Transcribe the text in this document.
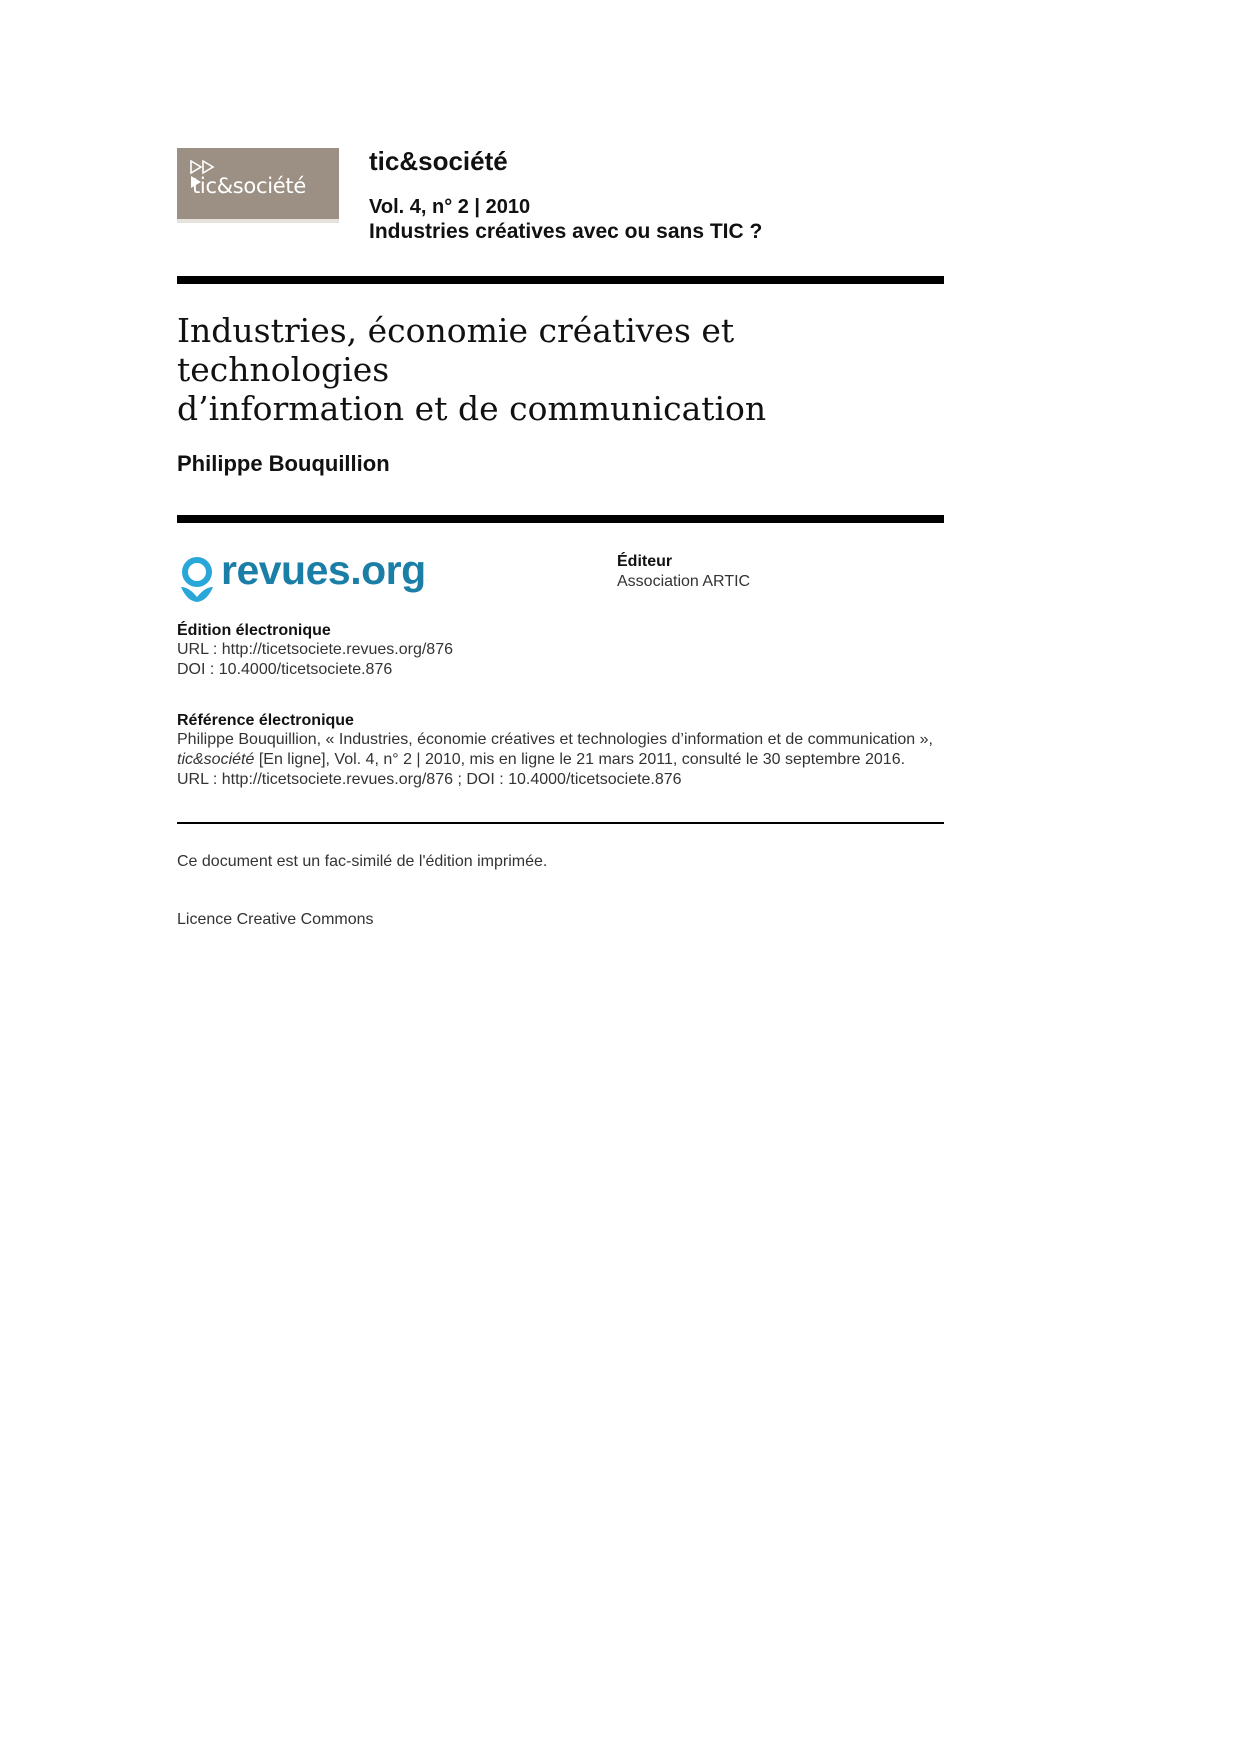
tic&société
tic&société
Vol. 4, n° 2 | 2010
Industries créatives avec ou sans TIC ?
Industries, économie créatives et technologies
d’information et de communication
Philippe Bouquillion
revues.org	Éditeur
Association ARTIC
Édition électronique
URL : http://ticetsociete.revues.org/876
DOI : 10.4000/ticetsociete.876
Référence électronique
Philippe Bouquillion, « Industries, économie créatives et technologies d’information et de communication », tic&société [En ligne], Vol. 4, n° 2 | 2010, mis en ligne le 21 mars 2011, consulté le 30 septembre 2016. URL : http://ticetsociete.revues.org/876 ; DOI : 10.4000/ticetsociete.876
Ce document est un fac-similé de l'édition imprimée.
Licence Creative Commons
